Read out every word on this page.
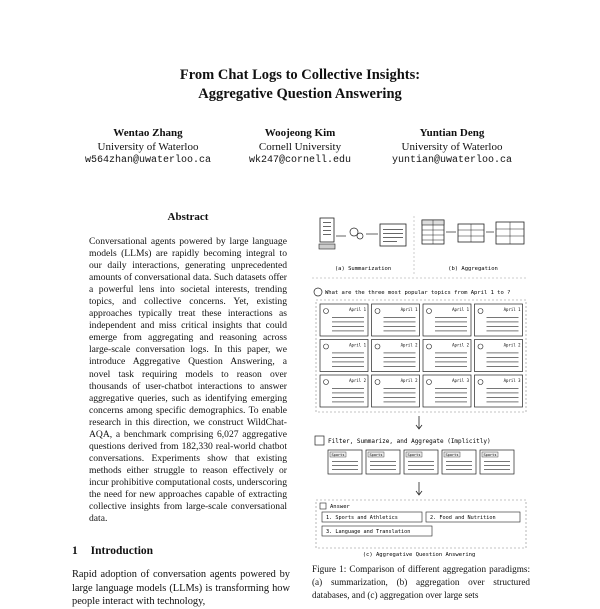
From Chat Logs to Collective Insights:
Aggregative Question Answering
Wentao Zhang
University of Waterloo
w564zhan@uwaterloo.ca
Woojeong Kim
Cornell University
wk247@cornell.edu
Yuntian Deng
University of Waterloo
yuntian@uwaterloo.ca
Abstract
Conversational agents powered by large language models (LLMs) are rapidly becoming integral to our daily interactions, generating unprecedented amounts of conversational data. Such datasets offer a powerful lens into societal interests, trending topics, and collective concerns. Yet, existing approaches typically treat these interactions as independent and miss critical insights that could emerge from aggregating and reasoning across large-scale conversation logs. In this paper, we introduce Aggregative Question Answering, a novel task requiring models to reason over thousands of user-chatbot interactions to answer aggregative queries, such as identifying emerging concerns among specific demographics. To enable research in this direction, we construct WildChat-AQA, a benchmark comprising 6,027 aggregative questions derived from 182,330 real-world chatbot conversations. Experiments show that existing methods either struggle to reason effectively or incur prohibitive computational costs, underscoring the need for new approaches capable of extracting collective insights from large-scale conversational data.
1 Introduction
Rapid adoption of conversation agents powered by large language models (LLMs) is transforming how people interact with technology,
(a) Summarization	(b) Aggregation
What are the three most popular topics from April 1 to ?
April 1	April 1	April 1	April 1
April 1	April 2	April 2	April 2
April 2	April 2	April 3	April 3
Filter, Summarize, and Aggregate (Implicitly)
Sports	Sports	Sports	Sports	Sports
Answer
1. Sports and Athletics	2. Food and Nutrition
3. Language and Translation
(c) Aggregative Question Answering
Figure 1: Comparison of different aggregation paradigms: (a) summarization, (b) aggregation over structured databases, and (c) aggregation over large sets
